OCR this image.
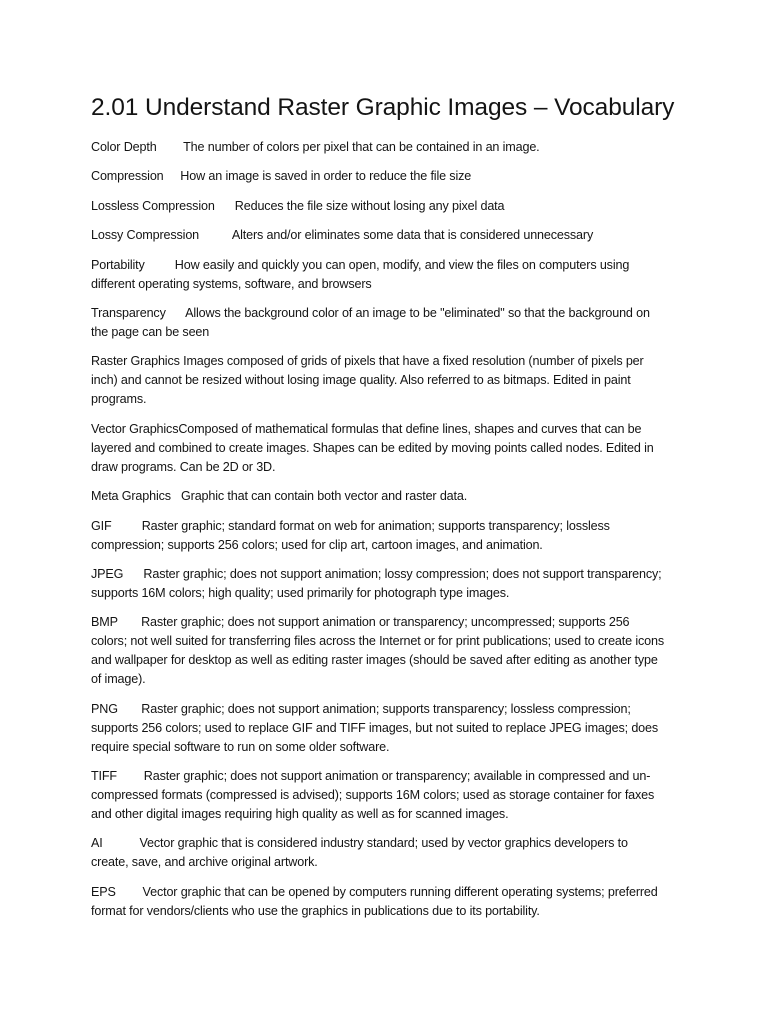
2.01 Understand Raster Graphic Images – Vocabulary

Color Depth The number of colors per pixel that can be contained in an image.

Compression How an image is saved in order to reduce the file size

Lossless Compression Reduces the file size without losing any pixel data

Lossy Compression	Alters and/or eliminates some data that is considered unnecessary

Portability How easily and quickly you can open, modify, and view the files on computers using different operating systems, software, and browsers

Transparency Allows the background color of an image to be "eliminated" so that the background on the page can be seen

Raster Graphics Images composed of grids of pixels that have a fixed resolution (number of pixels per inch) and cannot be resized without losing image quality. Also referred to as bitmaps. Edited in paint programs.

Vector GraphicsComposed of mathematical formulas that define lines, shapes and curves that can be layered and combined to create images. Shapes can be edited by moving points called nodes. Edited in draw programs. Can be 2D or 3D.

Meta Graphics Graphic that can contain both vector and raster data.

GIF Raster graphic; standard format on web for animation; supports transparency; lossless compression; supports 256 colors; used for clip art, cartoon images, and animation.

JPEG Raster graphic; does not support animation; lossy compression; does not support transparency; supports 16M colors; high quality; used primarily for photograph type images.

BMP Raster graphic; does not support animation or transparency; uncompressed; supports 256 colors; not well suited for transferring files across the Internet or for print publications; used to create icons and wallpaper for desktop as well as editing raster images (should be saved after editing as another type of image).

PNG Raster graphic; does not support animation; supports transparency; lossless compression; supports 256 colors; used to replace GIF and TIFF images, but not suited to replace JPEG images; does require special software to run on some older software.

TIFF Raster graphic; does not support animation or transparency; available in compressed and un-compressed formats (compressed is advised); supports 16M colors; used as storage container for faxes and other digital images requiring high quality as well as for scanned images.

AI	Vector graphic that is considered industry standard; used by vector graphics developers to create, save, and archive original artwork.

EPS Vector graphic that can be opened by computers running different operating systems; preferred format for vendors/clients who use the graphics in publications due to its portability.
